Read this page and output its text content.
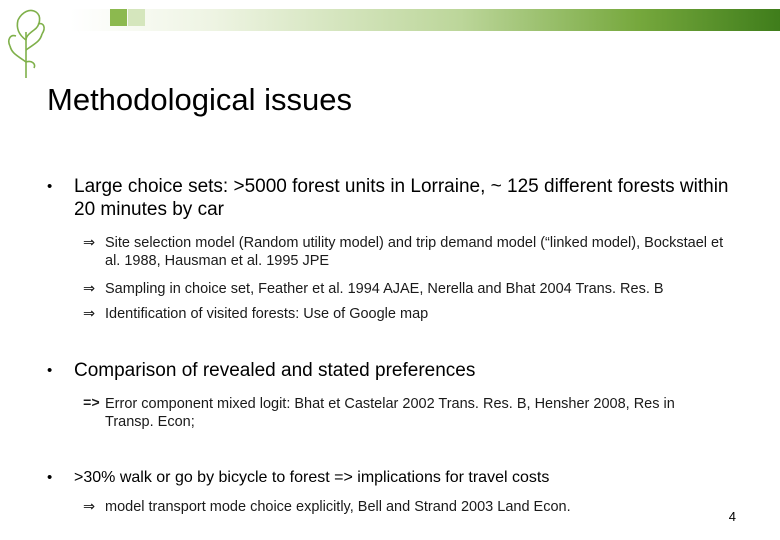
Methodological issues
• Large choice sets: >5000 forest units in Lorraine, ~ 125 different forests within 20 minutes by car
⇒ Site selection model (Random utility model) and trip demand model (“linked model), Bockstael et al. 1988, Hausman et al. 1995 JPE
⇒ Sampling in choice set, Feather et al. 1994 AJAE, Nerella and Bhat 2004 Trans. Res. B
⇒ Identification of visited forests: Use of Google map
• Comparison of revealed and stated preferences
=> Error component mixed logit: Bhat et Castelar 2002 Trans. Res. B, Hensher 2008, Res in Transp. Econ;
• >30% walk or go by bicycle to forest => implications for travel costs
⇒ model transport mode choice explicitly, Bell and Strand 2003 Land Econ.
4
